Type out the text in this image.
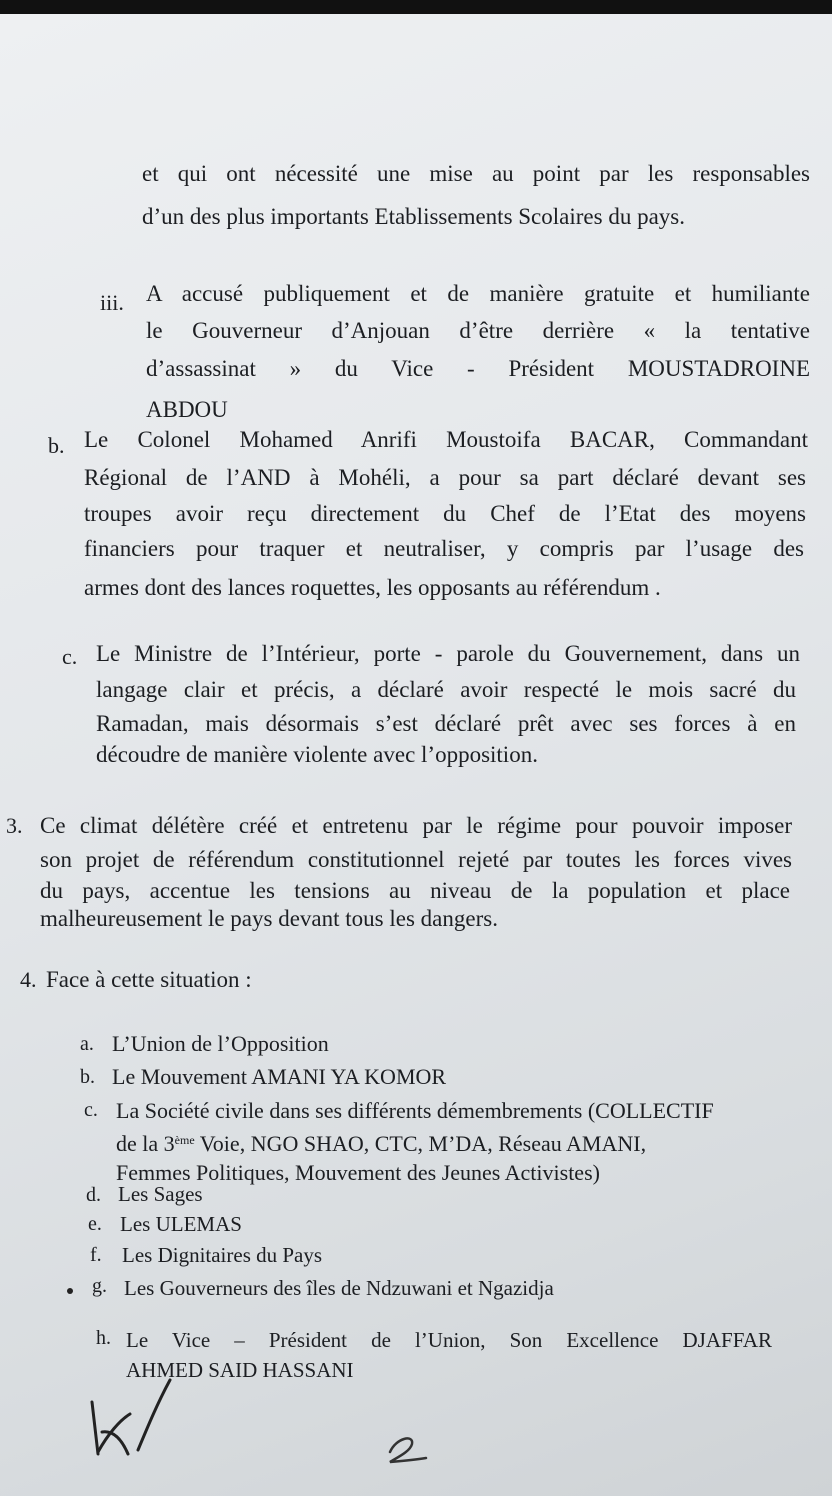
et qui ont nécessité une mise au point par les responsables
d’un des plus importants Etablissements Scolaires du pays.
iii. A accusé publiquement et de manière gratuite et humiliante
le Gouverneur d’Anjouan d’être derrière « la tentative
d’assassinat » du Vice - Président MOUSTADROINE
ABDOU
b. Le Colonel Mohamed Anrifi Moustoifa BACAR, Commandant
Régional de l’AND à Mohéli, a pour sa part déclaré devant ses
troupes avoir reçu directement du Chef de l’Etat des moyens
financiers pour traquer et neutraliser, y compris par l’usage des
armes dont des lances roquettes, les opposants au référendum .
c. Le Ministre de l’Intérieur, porte - parole du Gouvernement, dans un
langage clair et précis, a déclaré avoir respecté le mois sacré du
Ramadan, mais désormais s’est déclaré prêt avec ses forces à en
découdre de manière violente avec l’opposition.
3. Ce climat délétère créé et entretenu par le régime pour pouvoir imposer
son projet de référendum constitutionnel rejeté par toutes les forces vives
du pays, accentue les tensions au niveau de la population et place
malheureusement le pays devant tous les dangers.
4. Face à cette situation :
a. L’Union de l’Opposition
b. Le Mouvement AMANI YA KOMOR
c. La Société civile dans ses différents démembrements (COLLECTIF
de la 3ème Voie, NGO SHAO, CTC, M’DA, Réseau AMANI,
Femmes Politiques, Mouvement des Jeunes Activistes)
d. Les Sages
e. Les ULEMAS
f. Les Dignitaires du Pays
g. Les Gouverneurs des îles de Ndzuwani et Ngazidja
h. Le Vice – Président de l’Union, Son Excellence DJAFFAR
AHMED SAID HASSANI
